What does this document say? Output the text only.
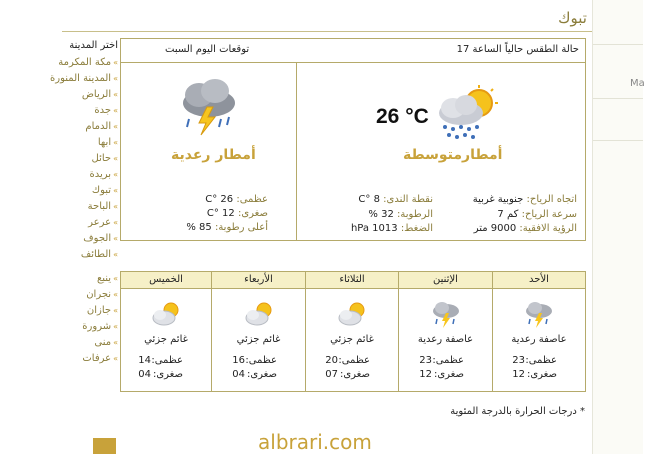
Ma
تبوك
اختر المدينة
»مكة المكرمة
»المدينة المنورة
»الرياض
»جدة
»الدمام
»ابها
»حائل
»بريدة
»تبوك
»الباحة
»عرعر
»الجوف
»الطائف
»ينبع
»نجران
»جازان
»شرورة
»منى
»عرفات
حالة الطقس حالياً الساعة 17
توقعات اليوم السبت
26 °C
أمطارمتوسطة
اتجاه الرياح: جنوبية غربية
سرعة الرياح: كم 7
الرؤية الافقية: 9000 متر
نقطة الندى: 8 °C
الرطوبة: 32 %
الضغط: 1013 hPa
أمطار رعدية
عظمى: 26 °C
صغرى: 12 °C
أعلى رطوبة: 85 %
الأحد
عاصفة رعدية
عظمى:
23
صغرى:
12
الإثنين
عاصفة رعدية
عظمى:
23
صغرى:
12
الثلاثاء
غائم جزئي
عظمى:
20
صغرى:
07
الأربعاء
غائم جزئي
عظمى:
16
صغرى:
04
الخميس
غائم جزئي
عظمى:
14
صغرى:
04
* درجات الحرارة بالدرجة المئوية
albrari.com
